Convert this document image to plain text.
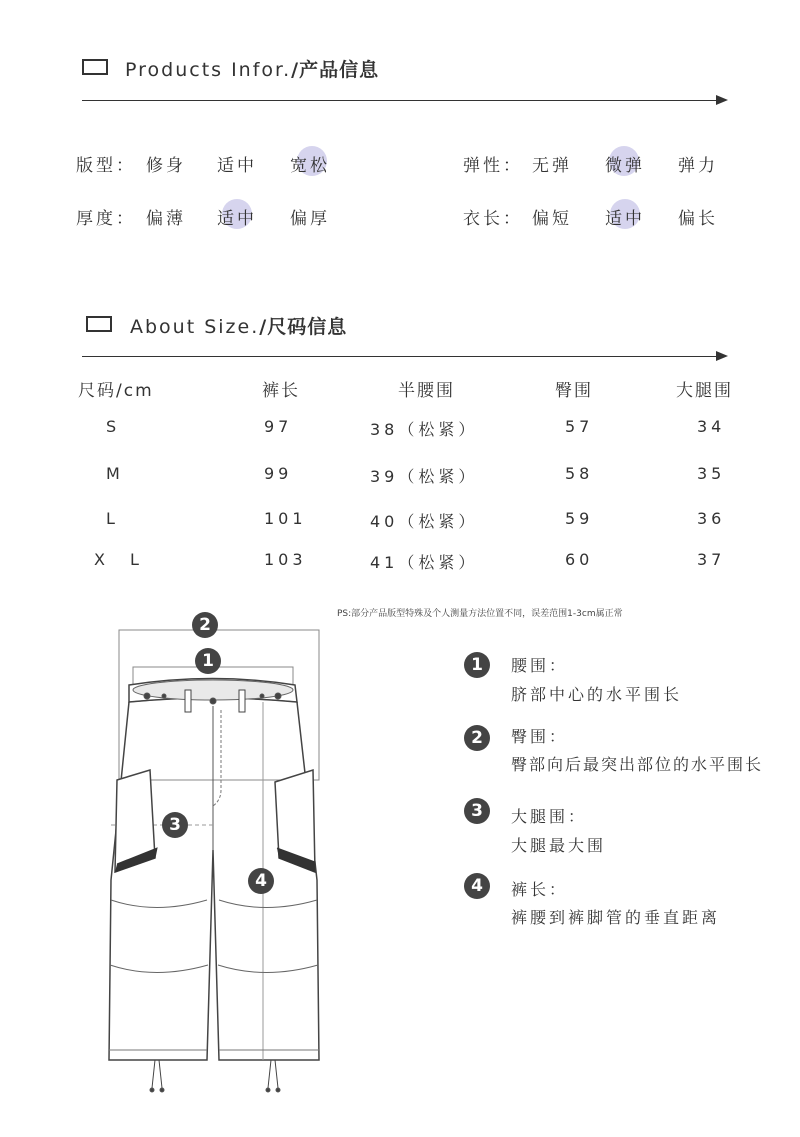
Products Infor./产品信息
版型： 修身 适中 宽松	弹性： 无弹 微弹 弹力
厚度： 偏薄 适中 偏厚	衣长： 偏短 适中 偏长
About Size./尺码信息
尺码/cm	裤长	半腰围	臀围	大腿围
S	97	38（松紧）	57	34
M	99	39（松紧）	58	35
L	101	40（松紧）	59	36
X L	103	41（松紧）	60	37
PS:部分产品版型特殊及个人测量方法位置不同，误差范围1-3cm属正常
2
1
3
4
1	腰围：
脐部中心的水平围长
2	臀围：
臀部向后最突出部位的水平围长
3	大腿围：
大腿最大围
4	裤长：
裤腰到裤脚管的垂直距离
